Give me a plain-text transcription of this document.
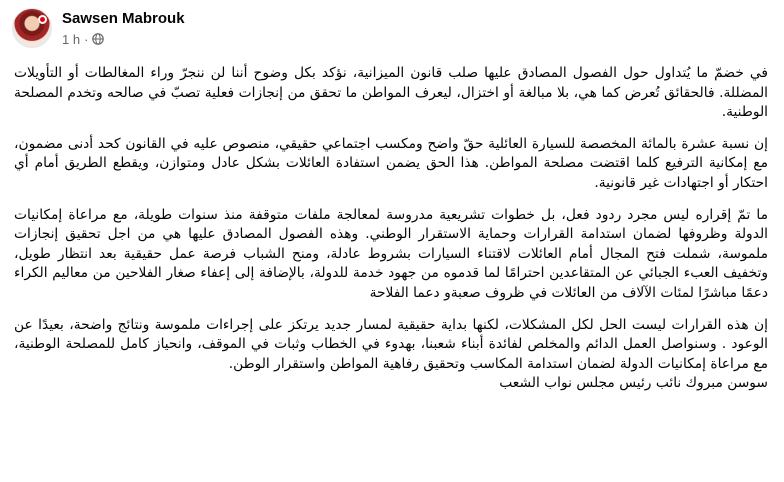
Sawsen Mabrouk
1 h ·

في خضمّ ما يُتداول حول الفصول المصادق عليها صلب قانون الميزانية، نؤكد بكل وضوح أننا لن ننجرّ وراء المغالطات أو التأويلات المضللة. فالحقائق تُعرض كما هي، بلا مبالغة أو اختزال، ليعرف المواطن ما تحقق من إنجازات فعلية تصبّ في صالحه وتخدم المصلحة الوطنية.

إن نسبة عشرة بالمائة المخصصة للسيارة العائلية حقّ واضح ومكسب اجتماعي حقيقي، منصوص عليه في القانون كحد أدنى مضمون، مع إمكانية الترفيع كلما اقتضت مصلحة المواطن. هذا الحق يضمن استفادة العائلات بشكل عادل ومتوازن، ويقطع الطريق أمام أي احتكار أو اجتهادات غير قانونية.

ما تمّ إقراره ليس مجرد ردود فعل، بل خطوات تشريعية مدروسة لمعالجة ملفات متوقفة منذ سنوات طويلة، مع مراعاة إمكانيات الدولة وظروفها لضمان استدامة القرارات وحماية الاستقرار الوطني. وهذه الفصول المصادق عليها هي من اجل تحقيق إنجازات ملموسة، شملت فتح المجال أمام العائلات لاقتناء السيارات بشروط عادلة، ومنح الشباب فرصة عمل حقيقية بعد انتظار طويل، وتخفيف العبء الجبائي عن المتقاعدين احترامًا لما قدموه من جهود خدمة للدولة، بالإضافة إلى إعفاء صغار الفلاحين من معاليم الكراء دعمًا مباشرًا لمئات الآلاف من العائلات في ظروف صعبة‌و دعما الفلاحة

إن هذه القرارات ليست الحل لكل المشكلات، لكنها بداية حقيقية لمسار جديد يرتكز على إجراءات ملموسة ونتائج واضحة، بعيدًا عن الوعود . وسنواصل العمل الدائم والمخلص لفائدة أبناء شعبنا، بهدوء في الخطاب وثبات في الموقف، وانحياز كامل للمصلحة الوطنية، مع مراعاة إمكانيات الدولة لضمان استدامة المكاسب وتحقيق رفاهية المواطن واستقرار الوطن.

سوسن مبروك نائب رئيس مجلس نواب الشعب
